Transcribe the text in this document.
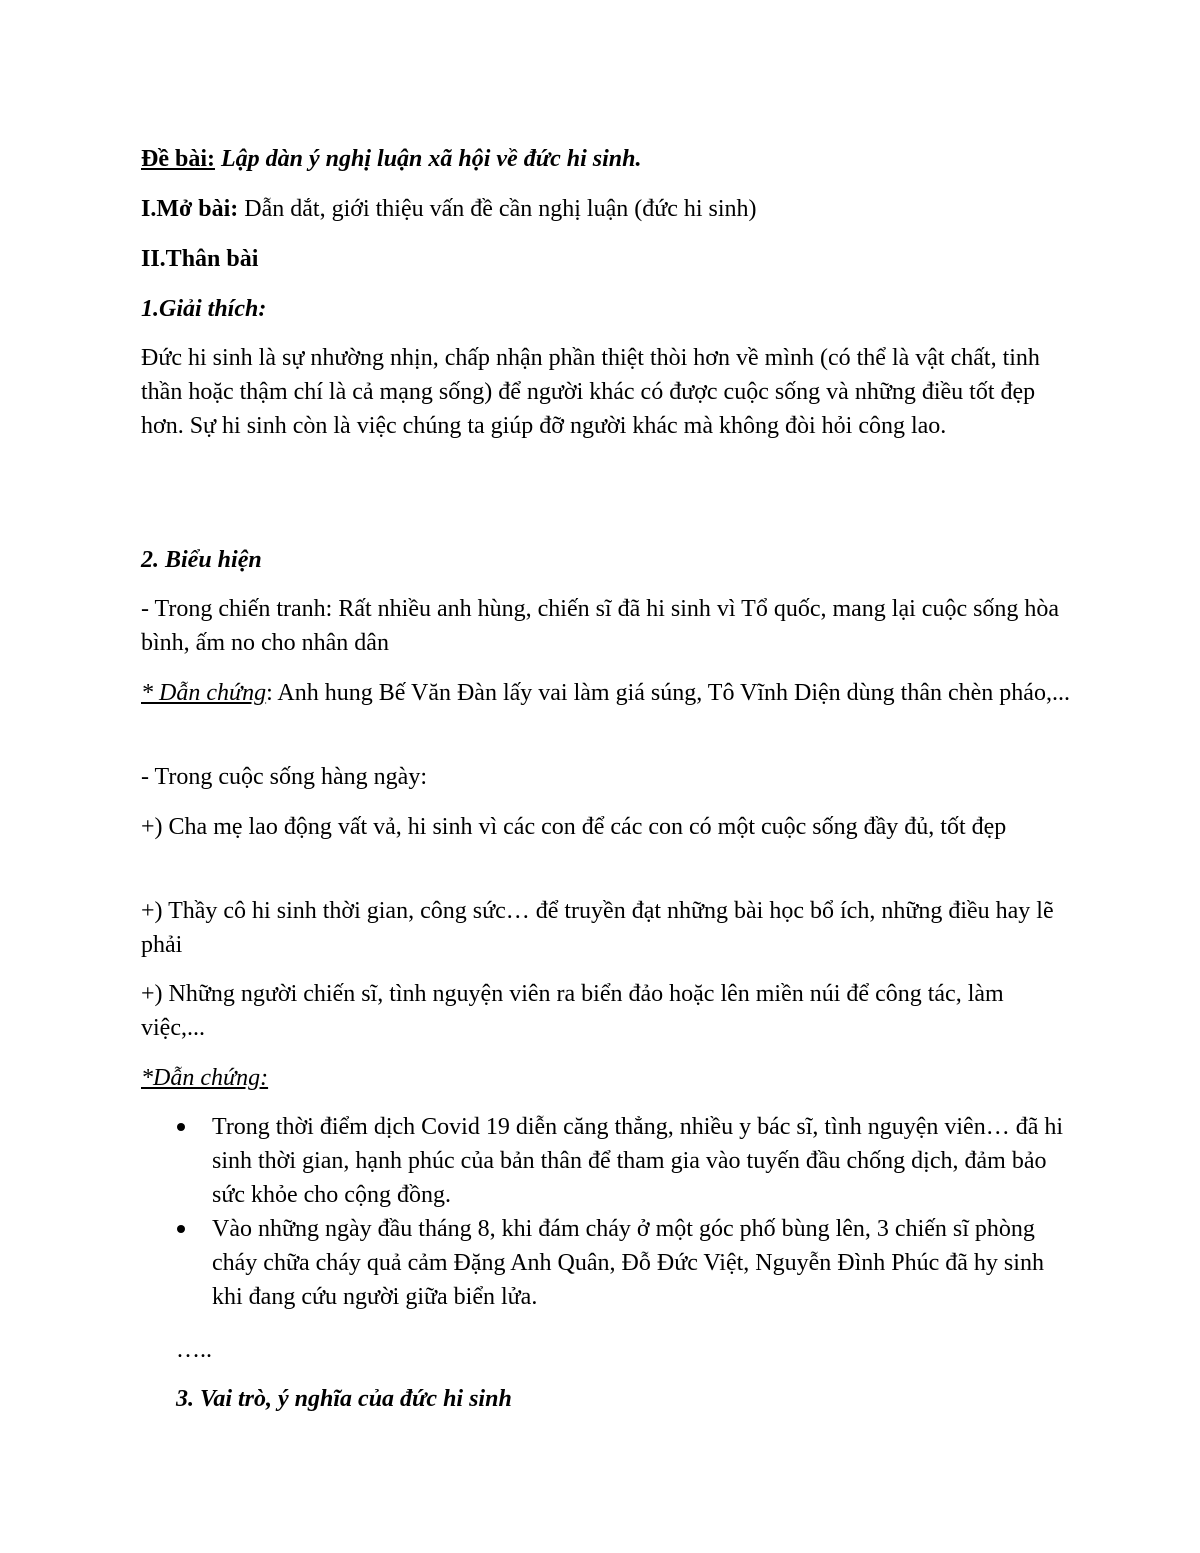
Đề bài: Lập dàn ý nghị luận xã hội về đức hi sinh.

I.Mở bài: Dẫn dắt, giới thiệu vấn đề cần nghị luận (đức hi sinh)

II.Thân bài

1.Giải thích:

Đức hi sinh là sự nhường nhịn, chấp nhận phần thiệt thòi hơn về mình (có thể là vật chất, tinh thần hoặc thậm chí là cả mạng sống) để người khác có được cuộc sống và những điều tốt đẹp hơn. Sự hi sinh còn là việc chúng ta giúp đỡ người khác mà không đòi hỏi công lao.

2. Biểu hiện

- Trong chiến tranh: Rất nhiều anh hùng, chiến sĩ đã hi sinh vì Tổ quốc, mang lại cuộc sống hòa bình, ấm no cho nhân dân

* Dẫn chứng: Anh hung Bế Văn Đàn lấy vai làm giá súng, Tô Vĩnh Diện dùng thân chèn pháo,...

- Trong cuộc sống hàng ngày:

+) Cha mẹ lao động vất vả, hi sinh vì các con để các con có một cuộc sống đầy đủ, tốt đẹp

+) Thầy cô hi sinh thời gian, công sức… để truyền đạt những bài học bổ ích, những điều hay lẽ phải

+) Những người chiến sĩ, tình nguyện viên ra biển đảo hoặc lên miền núi để công tác, làm việc,...

*Dẫn chứng:

Trong thời điểm dịch Covid 19 diễn căng thẳng, nhiều y bác sĩ, tình nguyện viên… đã hi sinh thời gian, hạnh phúc của bản thân để tham gia vào tuyến đầu chống dịch, đảm bảo sức khỏe cho cộng đồng.
Vào những ngày đầu tháng 8, khi đám cháy ở một góc phố bùng lên, 3 chiến sĩ phòng cháy chữa cháy quả cảm Đặng Anh Quân, Đỗ Đức Việt, Nguyễn Đình Phúc đã hy sinh khi đang cứu người giữa biển lửa.

…..

3. Vai trò, ý nghĩa của đức hi sinh
